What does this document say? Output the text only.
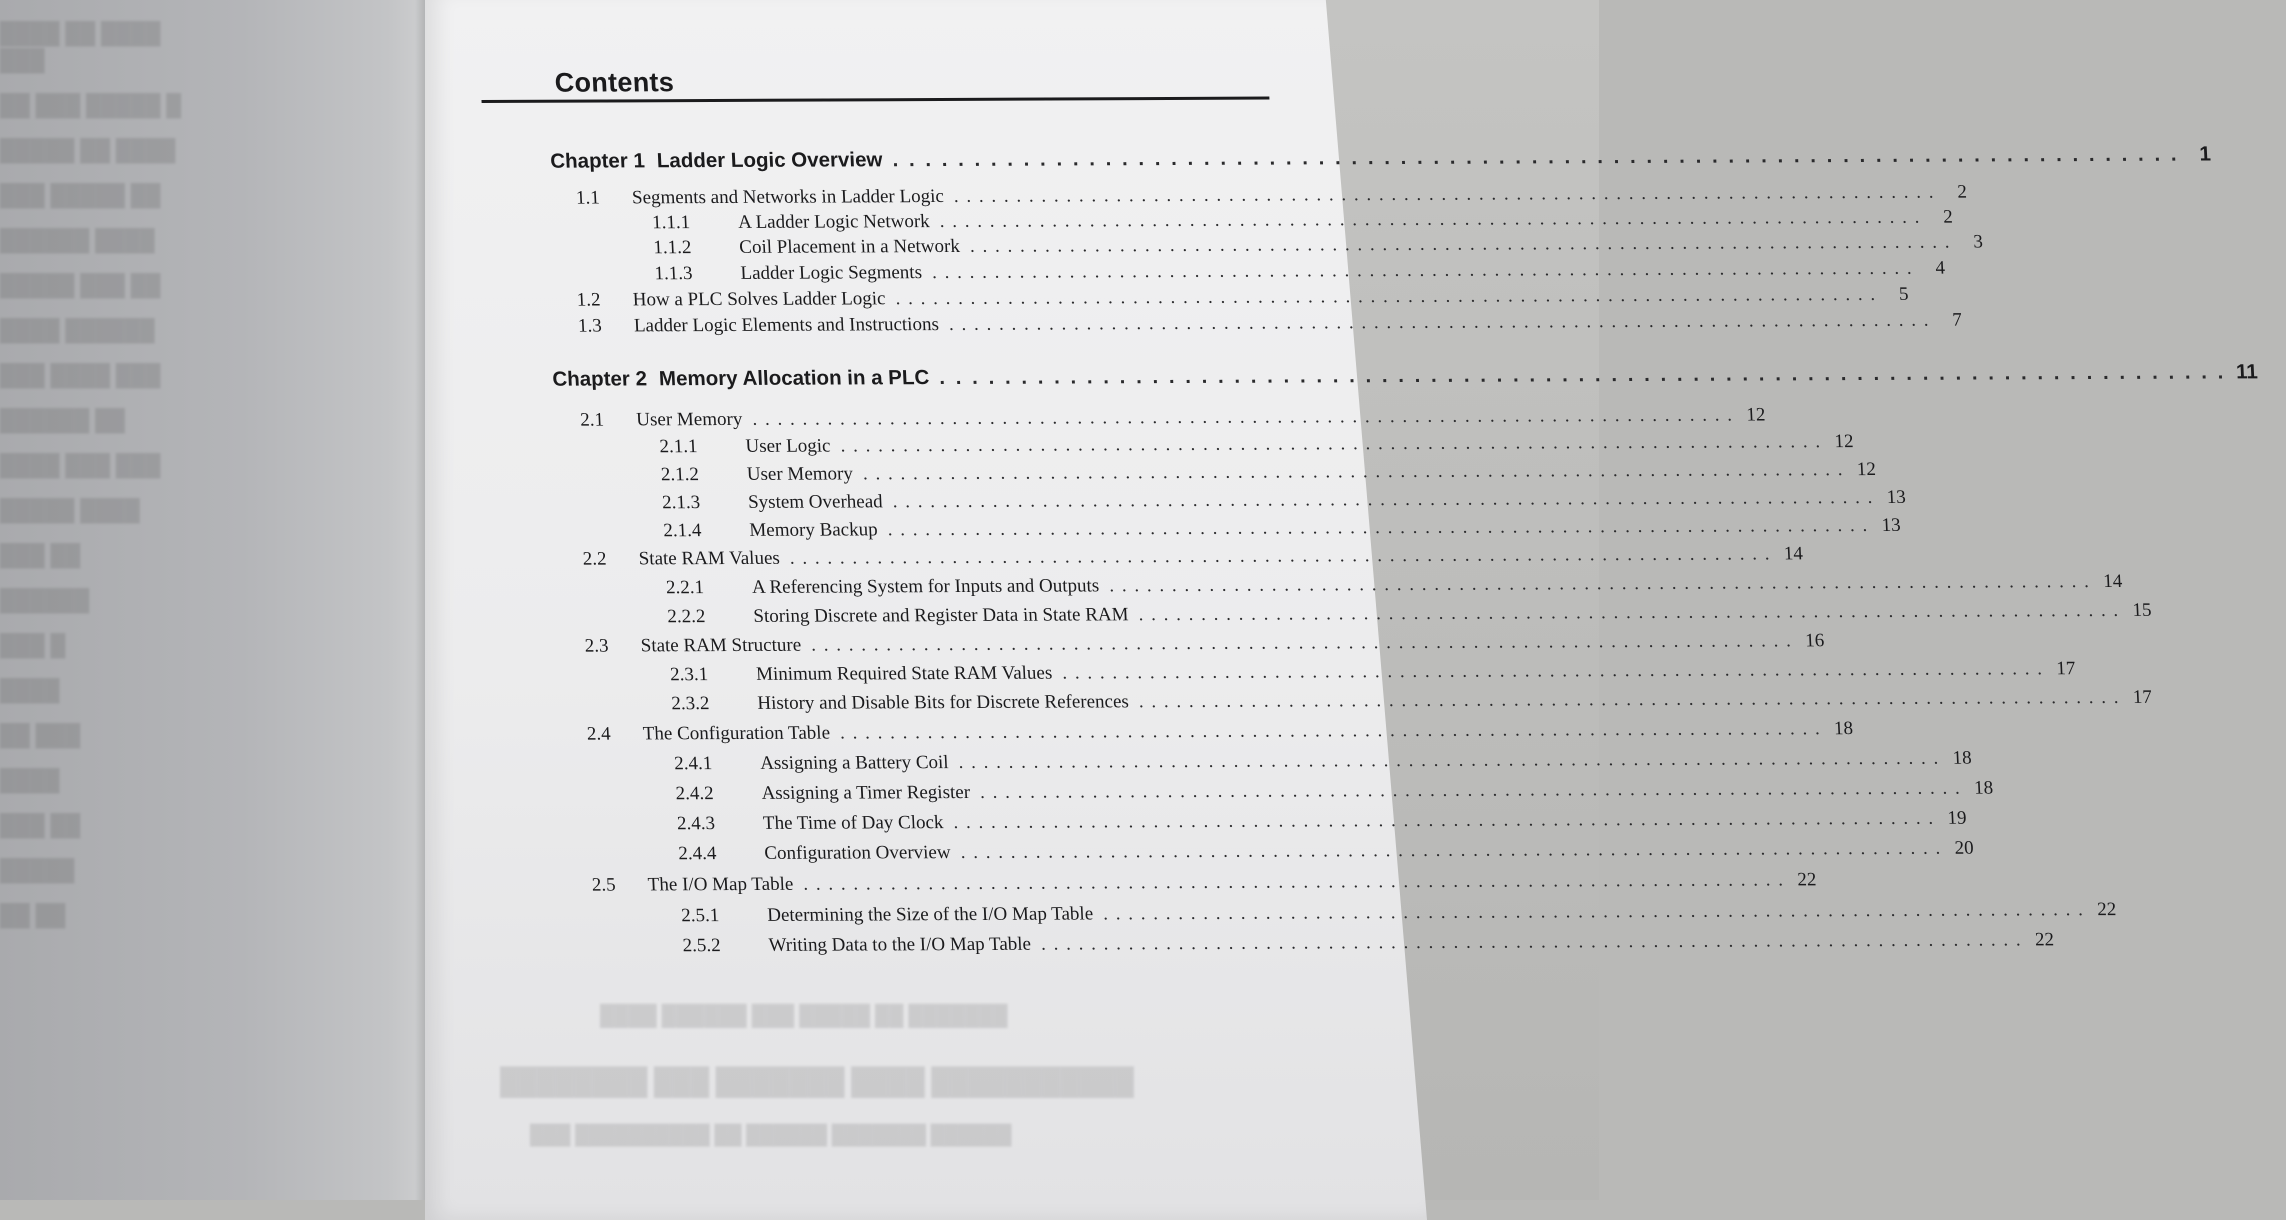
████ ██ ████ ███
██ ███ █████ █
█████ ██ ████
███ █████ ██
██████ ████
█████ ███ ██
████ ██████
███ ████ ███
██████ ██
████ ███ ███
█████ ████
███ ██
██████
███ █
████
██ ███
████
███ ██
█████
██ ██
Contents
Chapter 1 Ladder Logic Overview . . . . . . . . . . . . . . . . . . . . . . . . . . . . . . . . . . . . . . . . . . . . . . . . . . . . . . . . . . . . . . . . . . . . . . . . . . . . . . . 1
1.1	Segments and Networks in Ladder Logic . . . . . . . . . . . . . . . . . . . . . . . . . . . . . . . . . . . . . . . . . . . . . . . . . . . . . . . . . . . . . . . . . . . . . . . . . . . . . . .	2
1.1.1	A Ladder Logic Network . . . . . . . . . . . . . . . . . . . . . . . . . . . . . . . . . . . . . . . . . . . . . . . . . . . . . . . . . . . . . . . . . . . . . . . . . . . . . . .	2
1.1.2	Coil Placement in a Network . . . . . . . . . . . . . . . . . . . . . . . . . . . . . . . . . . . . . . . . . . . . . . . . . . . . . . . . . . . . . . . . . . . . . . . . . . . . . . .	3
1.1.3	Ladder Logic Segments . . . . . . . . . . . . . . . . . . . . . . . . . . . . . . . . . . . . . . . . . . . . . . . . . . . . . . . . . . . . . . . . . . . . . . . . . . . . . . .	4
1.2	How a PLC Solves Ladder Logic . . . . . . . . . . . . . . . . . . . . . . . . . . . . . . . . . . . . . . . . . . . . . . . . . . . . . . . . . . . . . . . . . . . . . . . . . . . . . . .	5
1.3	Ladder Logic Elements and Instructions . . . . . . . . . . . . . . . . . . . . . . . . . . . . . . . . . . . . . . . . . . . . . . . . . . . . . . . . . . . . . . . . . . . . . . . . . . . . . . .	7
Chapter 2 Memory Allocation in a PLC . . . . . . . . . . . . . . . . . . . . . . . . . . . . . . . . . . . . . . . . . . . . . . . . . . . . . . . . . . . . . . . . . . . . . . . . . . . . . . . 11
2.1	User Memory . . . . . . . . . . . . . . . . . . . . . . . . . . . . . . . . . . . . . . . . . . . . . . . . . . . . . . . . . . . . . . . . . . . . . . . . . . . . . . . 12
2.1.1	User Logic . . . . . . . . . . . . . . . . . . . . . . . . . . . . . . . . . . . . . . . . . . . . . . . . . . . . . . . . . . . . . . . . . . . . . . . . . . . . . . . 12
2.1.2	User Memory . . . . . . . . . . . . . . . . . . . . . . . . . . . . . . . . . . . . . . . . . . . . . . . . . . . . . . . . . . . . . . . . . . . . . . . . . . . . . . . 12
2.1.3	System Overhead . . . . . . . . . . . . . . . . . . . . . . . . . . . . . . . . . . . . . . . . . . . . . . . . . . . . . . . . . . . . . . . . . . . . . . . . . . . . . . . 13
2.1.4	Memory Backup . . . . . . . . . . . . . . . . . . . . . . . . . . . . . . . . . . . . . . . . . . . . . . . . . . . . . . . . . . . . . . . . . . . . . . . . . . . . . . . 13
2.2	State RAM Values . . . . . . . . . . . . . . . . . . . . . . . . . . . . . . . . . . . . . . . . . . . . . . . . . . . . . . . . . . . . . . . . . . . . . . . . . . . . . . . 14
2.2.1	A Referencing System for Inputs and Outputs . . . . . . . . . . . . . . . . . . . . . . . . . . . . . . . . . . . . . . . . . . . . . . . . . . . . . . . . . . . . . . . . . . . . . . . . . . . . . . . 14
2.2.2	Storing Discrete and Register Data in State RAM . . . . . . . . . . . . . . . . . . . . . . . . . . . . . . . . . . . . . . . . . . . . . . . . . . . . . . . . . . . . . . . . . . . . . . . . . . . . . . . 15
2.3	State RAM Structure . . . . . . . . . . . . . . . . . . . . . . . . . . . . . . . . . . . . . . . . . . . . . . . . . . . . . . . . . . . . . . . . . . . . . . . . . . . . . . . 16
2.3.1	Minimum Required State RAM Values . . . . . . . . . . . . . . . . . . . . . . . . . . . . . . . . . . . . . . . . . . . . . . . . . . . . . . . . . . . . . . . . . . . . . . . . . . . . . . . 17
2.3.2	History and Disable Bits for Discrete References . . . . . . . . . . . . . . . . . . . . . . . . . . . . . . . . . . . . . . . . . . . . . . . . . . . . . . . . . . . . . . . . . . . . . . . . . . . . . . . 17
2.4	The Configuration Table . . . . . . . . . . . . . . . . . . . . . . . . . . . . . . . . . . . . . . . . . . . . . . . . . . . . . . . . . . . . . . . . . . . . . . . . . . . . . . . 18
2.4.1	Assigning a Battery Coil . . . . . . . . . . . . . . . . . . . . . . . . . . . . . . . . . . . . . . . . . . . . . . . . . . . . . . . . . . . . . . . . . . . . . . . . . . . . . . . 18
2.4.2	Assigning a Timer Register . . . . . . . . . . . . . . . . . . . . . . . . . . . . . . . . . . . . . . . . . . . . . . . . . . . . . . . . . . . . . . . . . . . . . . . . . . . . . . . 18
2.4.3	The Time of Day Clock . . . . . . . . . . . . . . . . . . . . . . . . . . . . . . . . . . . . . . . . . . . . . . . . . . . . . . . . . . . . . . . . . . . . . . . . . . . . . . . 19
2.4.4	Configuration Overview . . . . . . . . . . . . . . . . . . . . . . . . . . . . . . . . . . . . . . . . . . . . . . . . . . . . . . . . . . . . . . . . . . . . . . . . . . . . . . . 20
2.5	The I/O Map Table . . . . . . . . . . . . . . . . . . . . . . . . . . . . . . . . . . . . . . . . . . . . . . . . . . . . . . . . . . . . . . . . . . . . . . . . . . . . . . . 22
2.5.1	Determining the Size of the I/O Map Table . . . . . . . . . . . . . . . . . . . . . . . . . . . . . . . . . . . . . . . . . . . . . . . . . . . . . . . . . . . . . . . . . . . . . . . . . . . . . . . 22
2.5.2	Writing Data to the I/O Map Table . . . . . . . . . . . . . . . . . . . . . . . . . . . . . . . . . . . . . . . . . . . . . . . . . . . . . . . . . . . . . . . . . . . . . . . . . . . . . . . 22
████ ██████ ███ █████ ██ ███████
████████ ███ ███████ ████ ███████████
███ ██████████ ██ ██████ ███████ ██████
